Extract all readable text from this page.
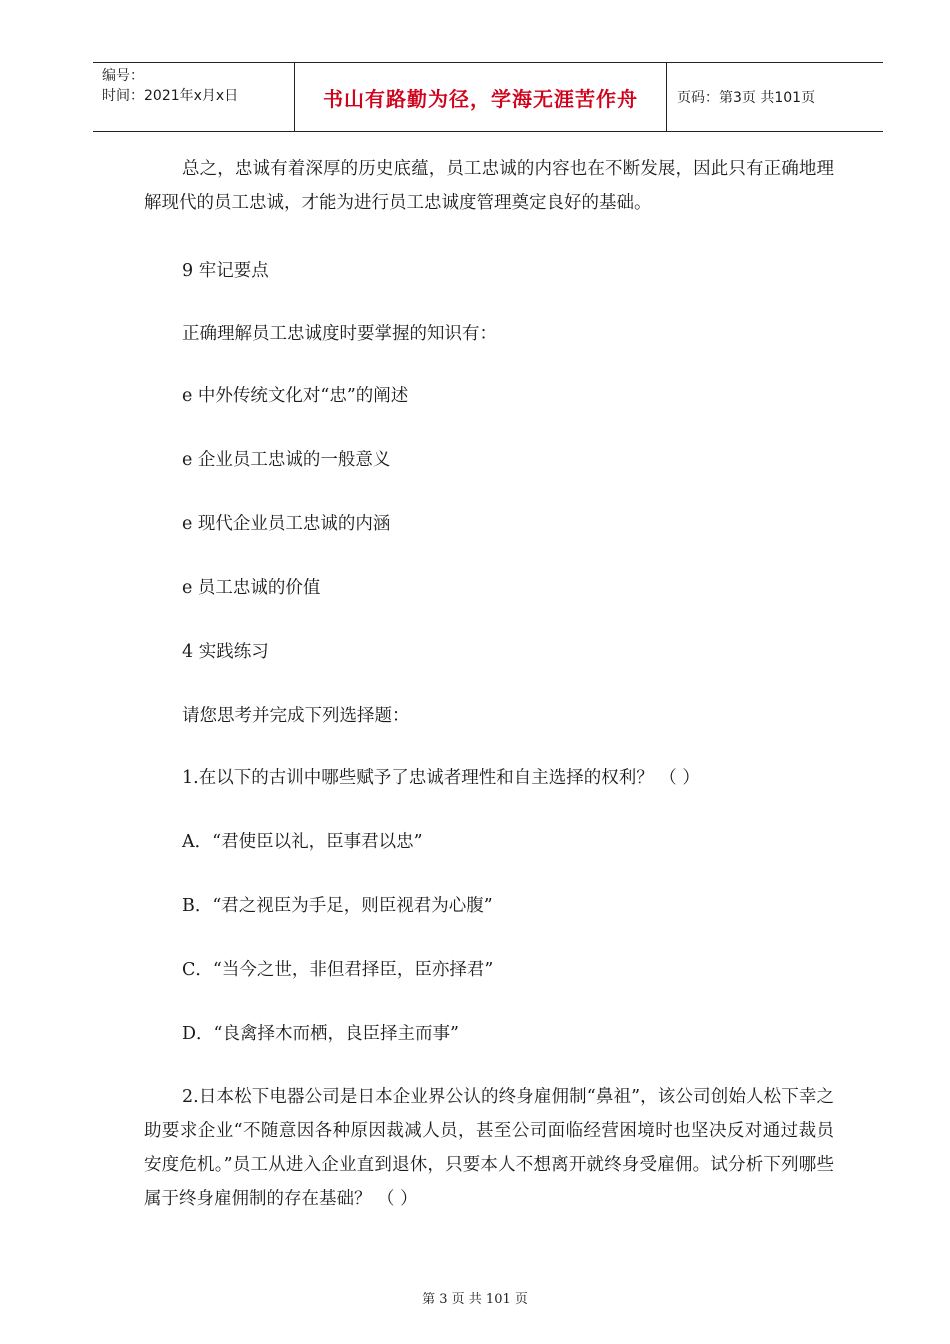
编号：
时间：2021年x月x日	书山有路勤为径，学海无涯苦作舟	页码：第3页 共101页
总之，忠诚有着深厚的历史底蕴，员工忠诚的内容也在不断发展，因此只有正确地理解现代的员工忠诚，才能为进行员工忠诚度管理奠定良好的基础。
9 牢记要点
正确理解员工忠诚度时要掌握的知识有：
e 中外传统文化对“忠”的阐述
e 企业员工忠诚的一般意义
e 现代企业员工忠诚的内涵
e 员工忠诚的价值
4 实践练习
请您思考并完成下列选择题：
1.在以下的古训中哪些赋予了忠诚者理性和自主选择的权利？ （ ）
A．“君使臣以礼，臣事君以忠”
B．“君之视臣为手足，则臣视君为心腹”
C．“当今之世，非但君择臣，臣亦择君”
D．“良禽择木而栖，良臣择主而事”
2.日本松下电器公司是日本企业界公认的终身雇佣制“鼻祖”，该公司创始人松下幸之助要求企业“不随意因各种原因裁减人员，甚至公司面临经营困境时也坚决反对通过裁员安度危机。”员工从进入企业直到退休，只要本人不想离开就终身受雇佣。试分析下列哪些属于终身雇佣制的存在基础？ （ ）
第 3 页 共 101 页
